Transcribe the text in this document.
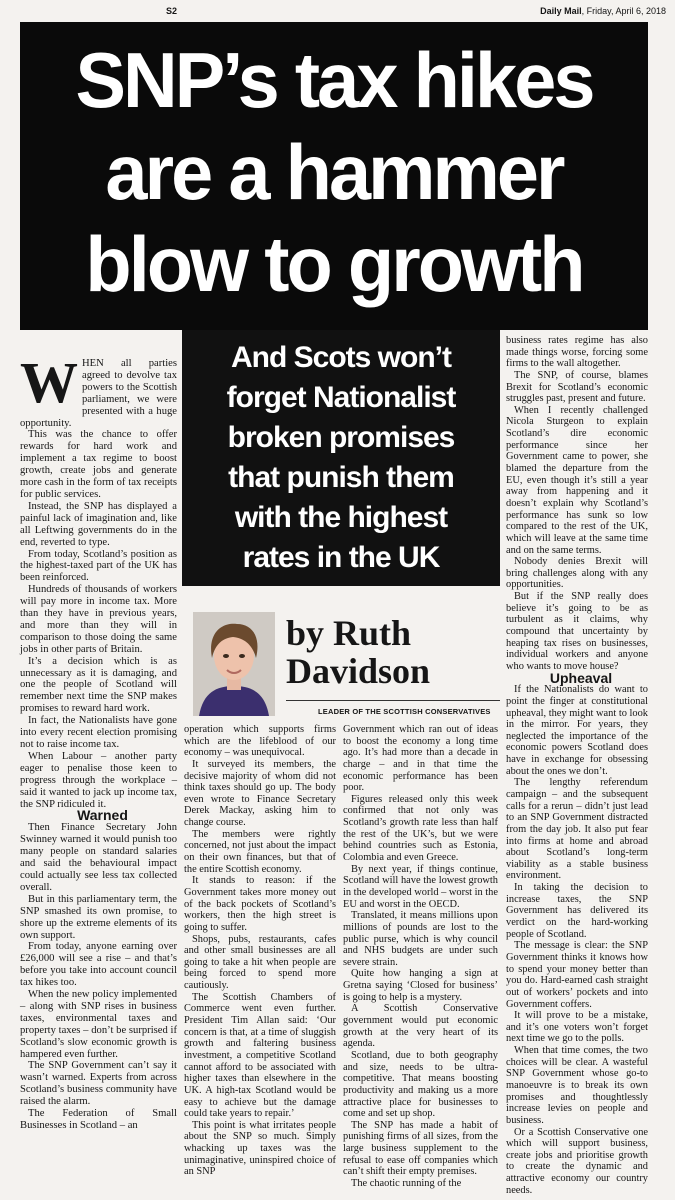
S2	Daily Mail, Friday, April 6, 2018
SNP’s tax hikes
are a hammer
blow to growth
And Scots won’t
forget Nationalist
broken promises
that punish them
with the highest
rates in the UK
by Ruth
Davidson
LEADER OF THE SCOTTISH CONSERVATIVES

WHEN all parties agreed to devolve tax powers to the Scottish parliament, we were presented with a huge opportunity.

This was the chance to offer rewards for hard work and implement a tax regime to boost growth, create jobs and generate more cash in the form of tax receipts for public services.

Instead, the SNP has displayed a painful lack of imagination and, like all Leftwing governments do in the end, reverted to type.

From today, Scotland’s position as the highest-taxed part of the UK has been reinforced.

Hundreds of thousands of workers will pay more in income tax. More than they have in previous years, and more than they will in comparison to those doing the same jobs in other parts of Britain.

It’s a decision which is as unnecessary as it is damaging, and one the people of Scotland will remember next time the SNP makes promises to reward hard work.

In fact, the Nationalists have gone into every recent election promising not to raise income tax.

When Labour – another party eager to penalise those keen to progress through the workplace – said it wanted to jack up income tax, the SNP ridiculed it.

Warned

Then Finance Secretary John Swinney warned it would punish too many people on standard salaries and said the behavioural impact could actually see less tax collected overall.

But in this parliamentary term, the SNP smashed its own promise, to shore up the extreme elements of its own support.

From today, anyone earning over £26,000 will see a rise – and that’s before you take into account council tax hikes too.

When the new policy implemented – along with SNP rises in business taxes, environmental taxes and property taxes – don’t be surprised if Scotland’s slow economic growth is hampered even further.

The SNP Government can’t say it wasn’t warned. Experts from across Scotland’s business community have raised the alarm.

The Federation of Small Businesses in Scotland – an

operation which supports firms which are the lifeblood of our economy – was unequivocal.

It surveyed its members, the decisive majority of whom did not think taxes should go up. The body even wrote to Finance Secretary Derek Mackay, asking him to change course.

The members were rightly concerned, not just about the impact on their own finances, but that of the entire Scottish economy.

It stands to reason: if the Government takes more money out of the back pockets of Scotland’s workers, then the high street is going to suffer.

Shops, pubs, restaurants, cafes and other small businesses are all going to take a hit when people are being forced to spend more cautiously.

The Scottish Chambers of Commerce went even further. President Tim Allan said: ‘Our concern is that, at a time of sluggish growth and faltering business investment, a competitive Scotland cannot afford to be associated with higher taxes than elsewhere in the UK. A high-tax Scotland would be easy to achieve but the damage could take years to repair.’

This point is what irritates people about the SNP so much. Simply whacking up taxes was the unimaginative, uninspired choice of an SNP

Government which ran out of ideas to boost the economy a long time ago. It’s had more than a decade in charge – and in that time the economic performance has been poor.

Figures released only this week confirmed that not only was Scotland’s growth rate less than half the rest of the UK’s, but we were behind countries such as Estonia, Colombia and even Greece.

By next year, if things continue, Scotland will have the lowest growth in the developed world – worst in the EU and worst in the OECD.

Translated, it means millions upon millions of pounds are lost to the public purse, which is why council and NHS budgets are under such severe strain.

Quite how hanging a sign at Gretna saying ‘Closed for business’ is going to help is a mystery.

A Scottish Conservative government would put economic growth at the very heart of its agenda.

Scotland, due to both geography and size, needs to be ultra-competitive. That means boosting productivity and making us a more attractive place for businesses to come and set up shop.

The SNP has made a habit of punishing firms of all sizes, from the large business supplement to the refusal to ease off companies which can’t shift their empty premises.

The chaotic running of the

business rates regime has also made things worse, forcing some firms to the wall altogether.

The SNP, of course, blames Brexit for Scotland’s economic struggles past, present and future.

When I recently challenged Nicola Sturgeon to explain Scotland’s dire economic performance since her Government came to power, she blamed the departure from the EU, even though it’s still a year away from happening and it doesn’t explain why Scotland’s performance has sunk so low compared to the rest of the UK, which will leave at the same time and on the same terms.

Nobody denies Brexit will bring challenges along with any opportunities.

But if the SNP really does believe it’s going to be as turbulent as it claims, why compound that uncertainty by heaping tax rises on businesses, individual workers and anyone who wants to move house?

Upheaval

If the Nationalists do want to point the finger at constitutional upheaval, they might want to look in the mirror. For years, they neglected the importance of the economic powers Scotland does have in exchange for obsessing about the ones we don’t.

The lengthy referendum campaign – and the subsequent calls for a rerun – didn’t just lead to an SNP Government distracted from the day job. It also put fear into firms at home and abroad about Scotland’s long-term viability as a stable business environment.

In taking the decision to increase taxes, the SNP Government has delivered its verdict on the hard-working people of Scotland.

The message is clear: the SNP Government thinks it knows how to spend your money better than you do. Hard-earned cash straight out of workers’ pockets and into Government coffers.

It will prove to be a mistake, and it’s one voters won’t forget next time we go to the polls.

When that time comes, the two choices will be clear. A wasteful SNP Government whose go-to manoeuvre is to break its own promises and thoughtlessly increase levies on people and business.

Or a Scottish Conservative one which will support business, create jobs and prioritise growth to create the dynamic and attractive economy our country needs.
